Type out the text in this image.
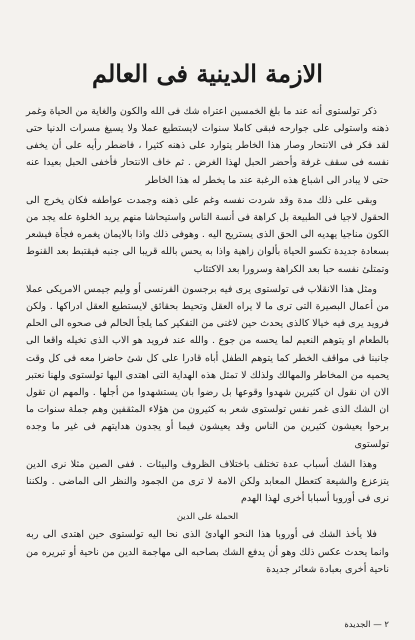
الازمة الدينية فى العالم

ذكر تولستوى أنه عند ما بلغ الخمسين اعتراه شك فى الله والكون والغاية من الحياة وغمر ذهنه واستولى على جوارحه فبقى كاملا سنوات لايستطيع عملا ولا يسيغ مسرات الدنيا حتى لقد فكر فى الانتحار وصار هذا الخاطر يتوارد على ذهنه كثيرا ، فاضطر رأيه على أن يخفى نفسه فى سقف غرفة وأحضر الحبل لهذا الغرض . ثم خاف الانتحار فأخفى الحبل بعيدا عنه حتى لا يبادر الى اشباع هذه الرغبة عند ما يخطر له هذا الخاطر

وبقى على ذلك مدة وقد شردت نفسه وغم على ذهنه وجمدت عواطفه فكان يخرج الى الحقول لاجيا فى الطبيعة بل كراهة فى أنسة الناس واستيحاشا منهم يريد الخلوة عله يجد من الكون مناجيا يهديه الى الحق الذى يستريح اليه . وهوفى ذلك واذا بالايمان يغمره فجأة فيشعر بسعادة جديدة تكسو الحياة بألوان زاهية واذا به يحس بالله قريبا الى جنبه فيقتبط بعد القنوط وتمتلئ نفسه حبا بعد الكراهة وسرورا بعد الاكتئاب

ومثل هذا الانقلاب فى تولستوى يرى فيه برجسون الفرنسى أو وليم جيمس الامريكى عملا من أعمال البصيرة التى ترى ما لا يراه العقل وتحيط بحقائق لايستطيع العقل ادراكها . ولكن فرويد يرى فيه خيالا كالذى يحدث حين لاغنى من التفكير كما يلجأ الحالم فى صحوه الى الحلم بالطعام او يتوهم النعيم لما يحسه من جوع . والله عند فرويد هو الاب الذى تخيله واقعا الى جانبنا فى مواقف الخطر كما يتوهم الطفل أباه قادرا على كل شئ حاضرا معه فى كل وقت يحميه من المخاطر والمهالك ولذلك لا تمثل هذه الهداية التى اهتدى اليها تولستوى ولهنا نعتبر الان ان نقول ان كثيرين شهدوا وقوعها بل رضوا بان يستشهدوا من أجلها . والمهم ان تقول ان الشك الذى غمر نفس تولستوى شعر به كثيرون من هؤلاء المثقفين وهم جملة سنوات ما برحوا يعيشون كثيرين من الناس وقد يعيشون فيما أو يجدون هدايتهم فى غير ما وجده تولستوى

وهذا الشك أسباب عدة تختلف باختلاف الظروف والبيئات . ففى الصين مثلا نرى الدين يتزعزع والشيعة كتعطل المعابد ولكن الامة لا ترى من الجمود والنظر الى الماضى . ولكننا نرى فى أوروبا أسبابا أخرى لهذا الهدم

الحملة على الدين

فلا يأخذ الشك فى أوروبا هذا النحو الهادئ الذى نحا اليه تولستوى حين اهتدى الى ربه وانما يحدث عكس ذلك وهو أن يدفع الشك بصاحبه الى مهاجمة الدين من ناحية أو تبريره من ناحية أخرى بعبادة شعائر جديدة

٢ — الجديدة
